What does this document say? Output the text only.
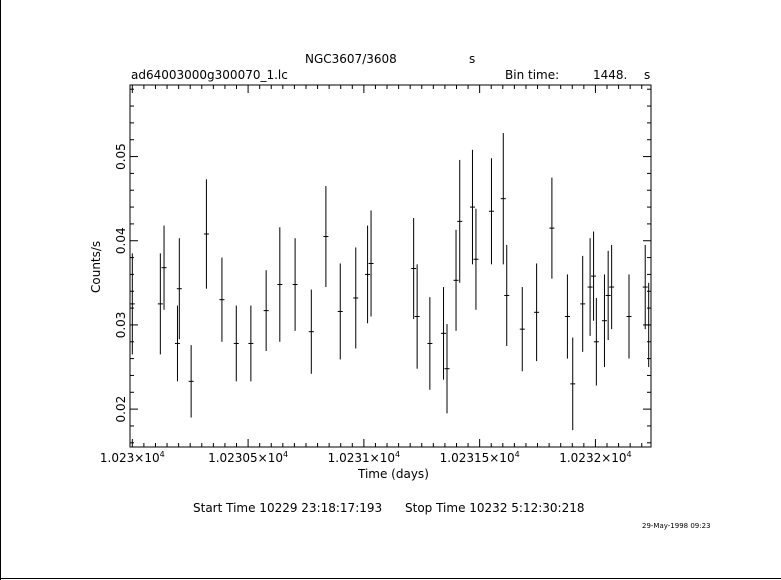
NGC3607/3608	s
ad64003000g300070_1.lc	Bin time:	1448. s
$1.023\times 10^4$	$1.02305\times 10^4$	$1.0231\times 10^4$	$1.02315\times 10^4$	$1.0232\times 10^4$
0.02
0.03
0.04
0.05
Time (days)
Counts/s
Start Time 10229 23:18:17:193 Stop Time 10232 5:12:30:218
29-May-1998 09:23
